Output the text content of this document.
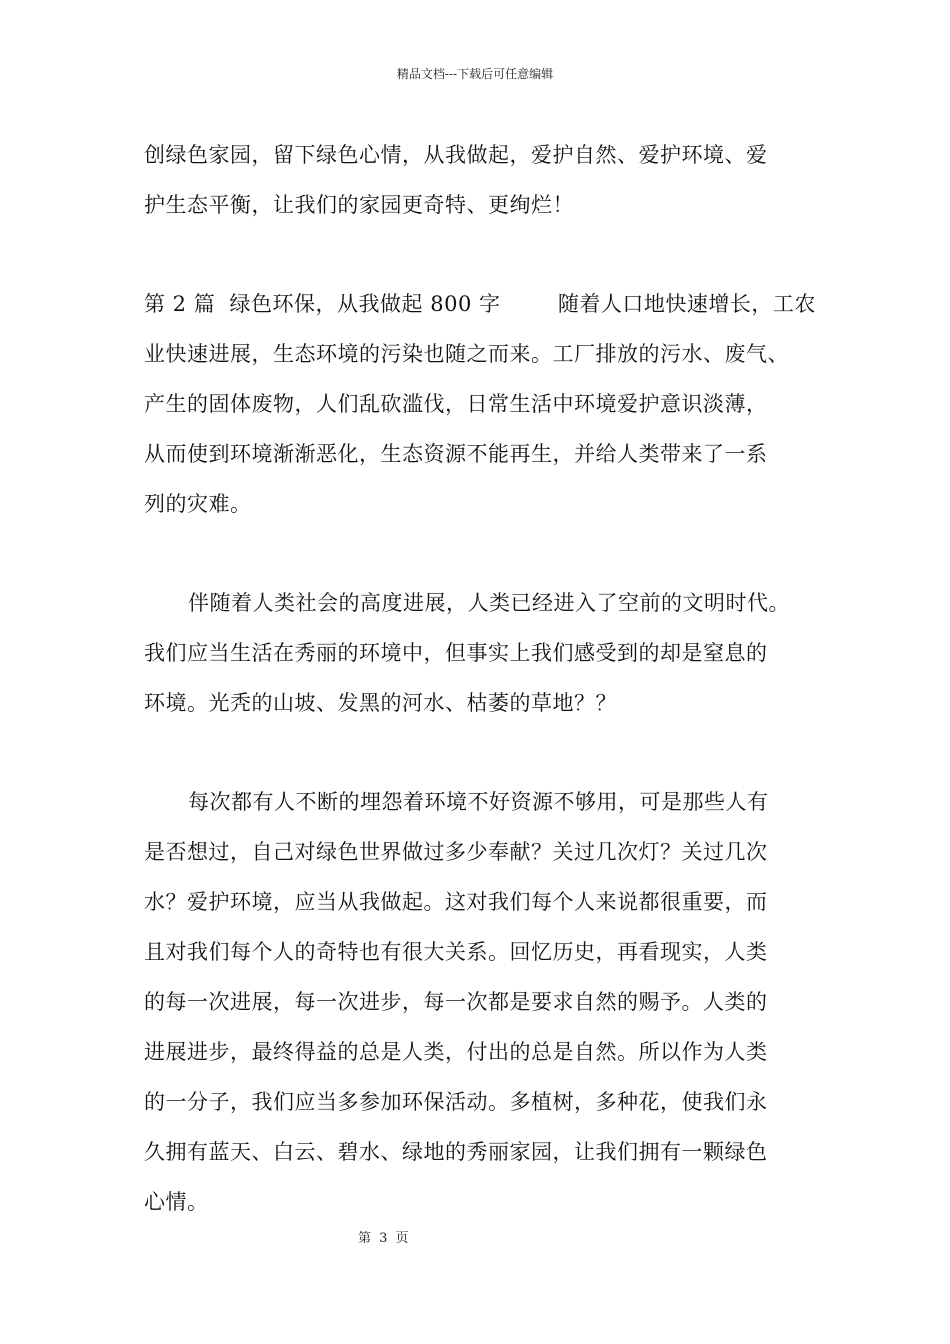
精品文档---下载后可任意编辑

创绿色家园，留下绿色心情，从我做起，爱护自然、爱护环境、爱
护生态平衡，让我们的家园更奇特、更绚烂！

第 2 篇  绿色环保，从我做起 800 字        随着人口地快速增长，工农
业快速进展，生态环境的污染也随之而来。工厂排放的污水、废气、
产生的固体废物，人们乱砍滥伐，日常生活中环境爱护意识淡薄，
从而使到环境渐渐恶化，生态资源不能再生，并给人类带来了一系
列的灾难。

伴随着人类社会的高度进展，人类已经进入了空前的文明时代。
我们应当生活在秀丽的环境中，但事实上我们感受到的却是窒息的
环境。光秃的山坡、发黑的河水、枯萎的草地？？

每次都有人不断的埋怨着环境不好资源不够用，可是那些人有
是否想过，自己对绿色世界做过多少奉献？关过几次灯？关过几次
水？爱护环境，应当从我做起。这对我们每个人来说都很重要，而
且对我们每个人的奇特也有很大关系。回忆历史，再看现实，人类
的每一次进展，每一次进步，每一次都是要求自然的赐予。人类的
进展进步，最终得益的总是人类，付出的总是自然。所以作为人类
的一分子，我们应当多参加环保活动。多植树，多种花，使我们永
久拥有蓝天、白云、碧水、绿地的秀丽家园，让我们拥有一颗绿色
心情。

第 3 页
